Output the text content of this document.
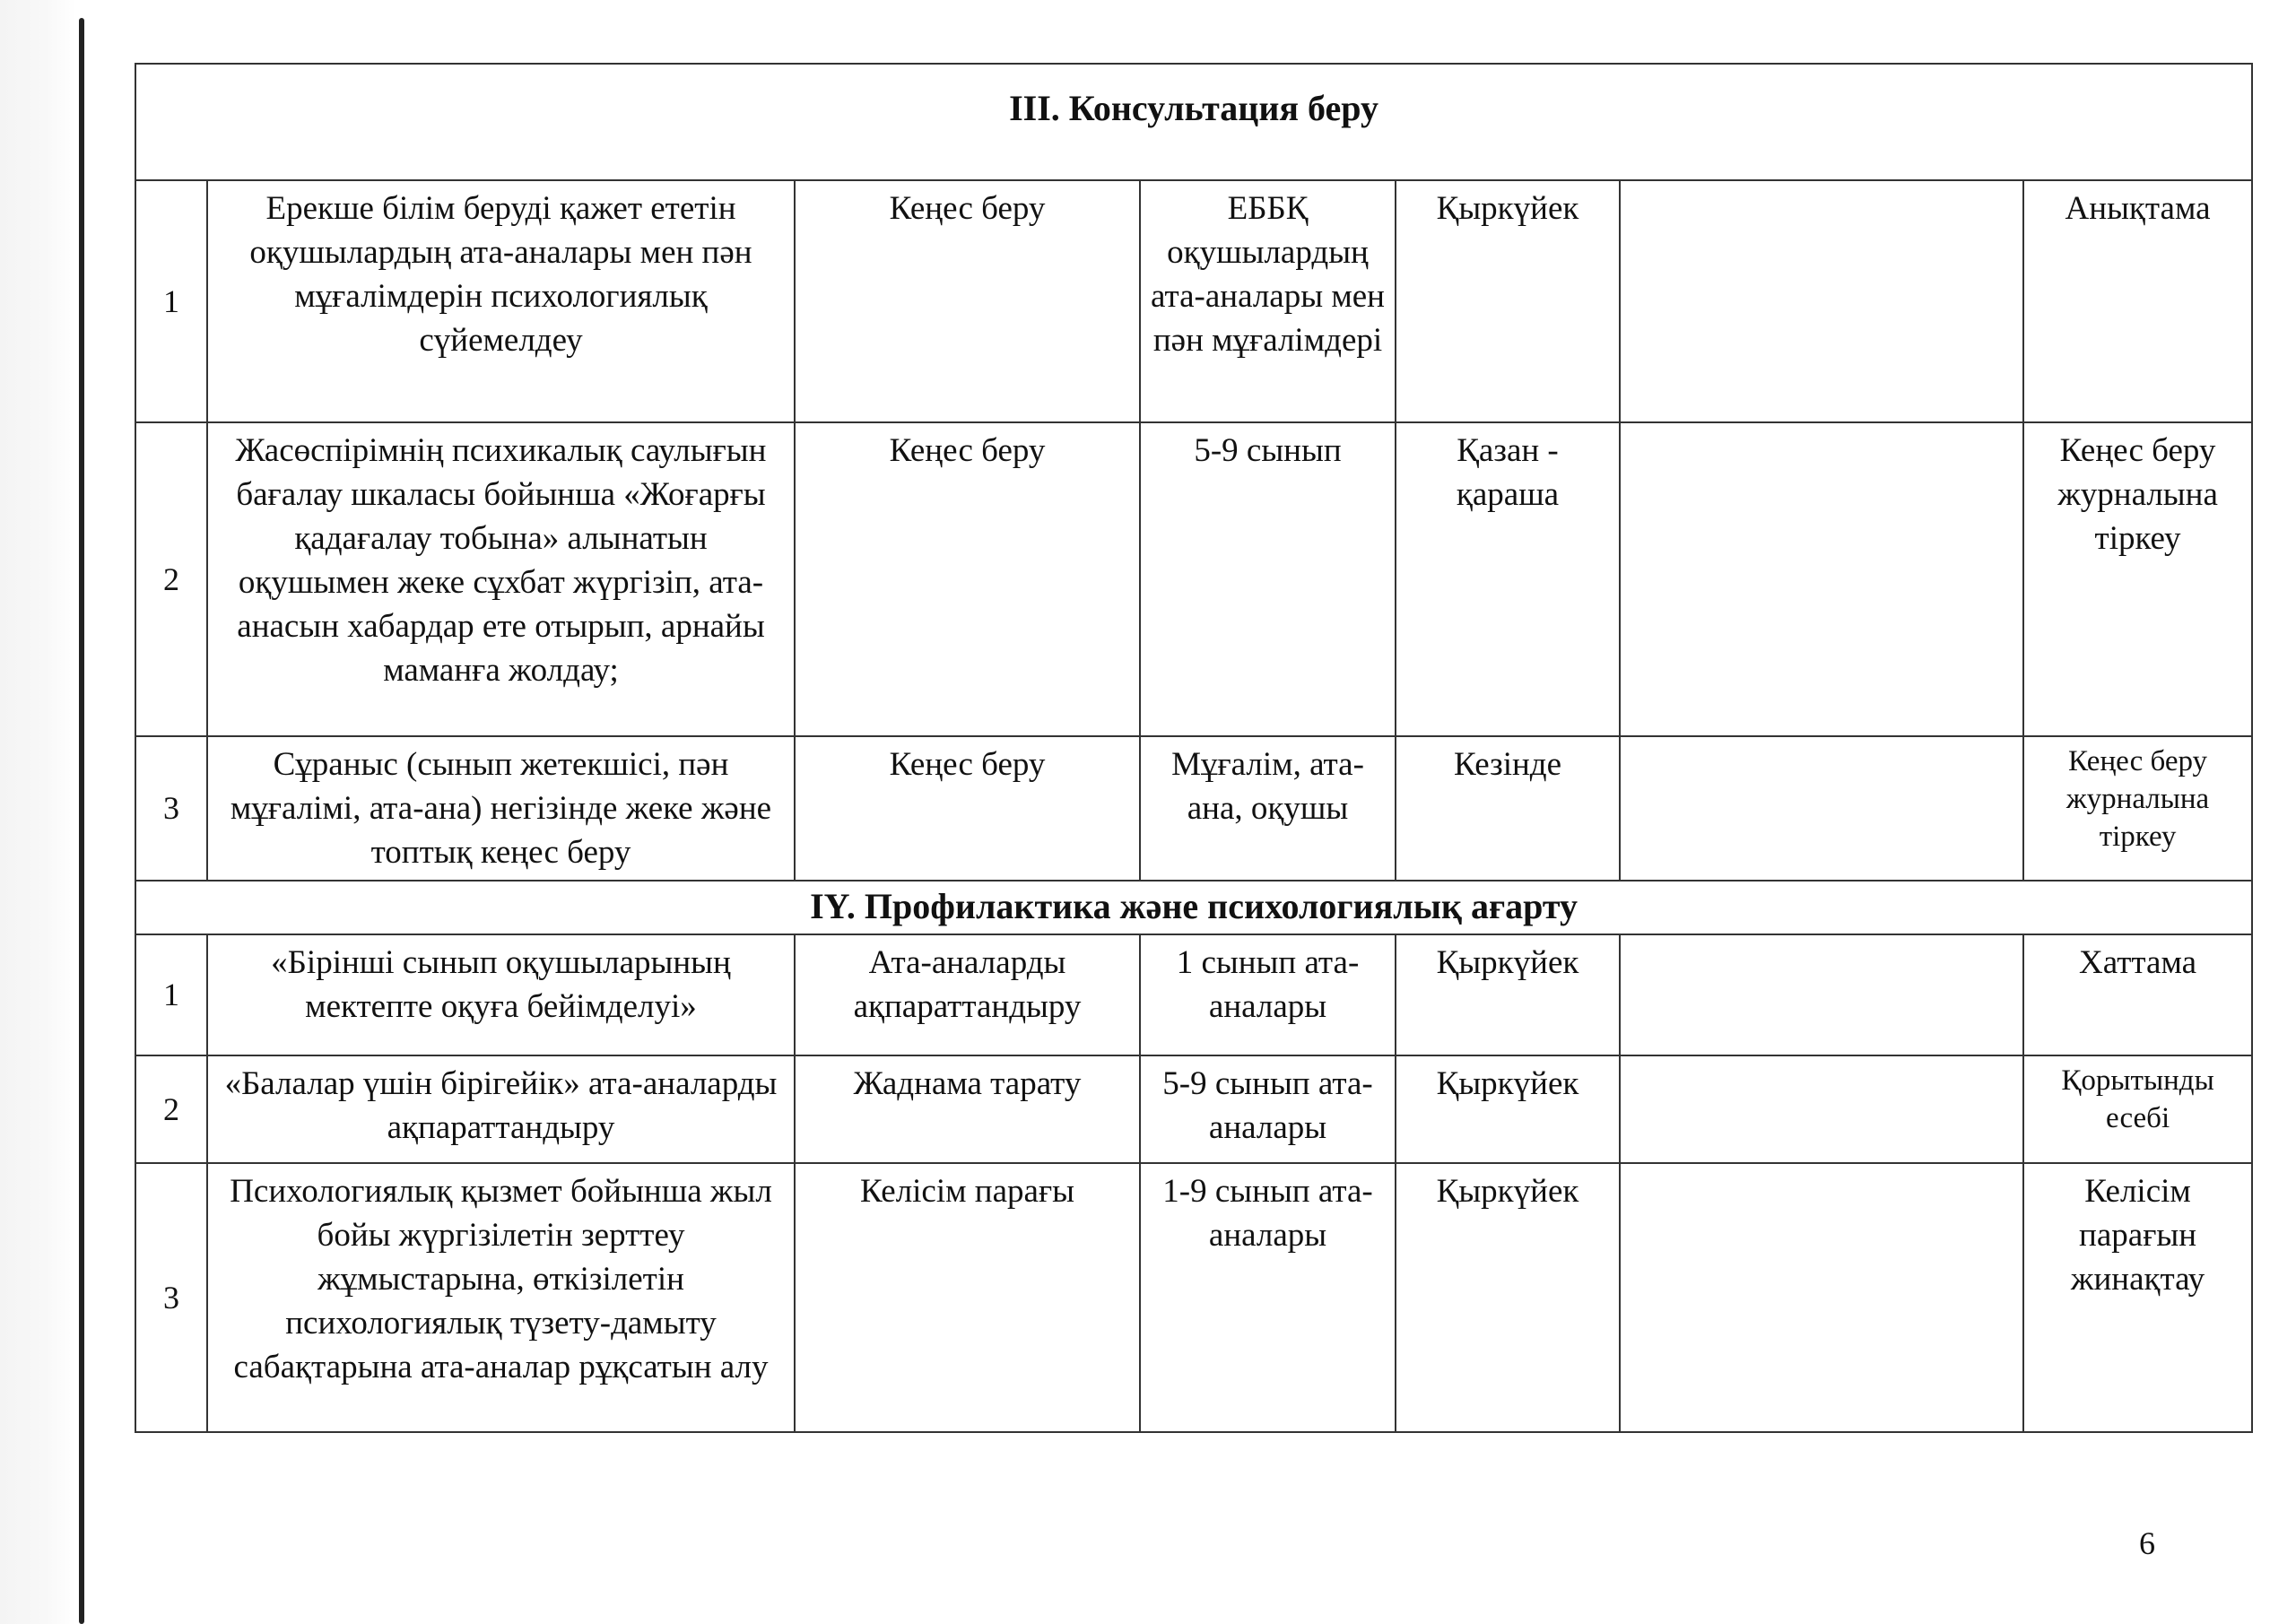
III. Консультация беру						
1	Ерекше білім беруді қажет ететін оқушылардың ата-аналары мен пән мұғалімдерін психологиялық сүйемелдеу	Кеңес беру	ЕББҚ оқушылардың ата-аналары мен пән мұғалімдері	Қыркүйек		Анықтама
2	Жасөспірімнің психикалық саулығын бағалау шкаласы бойынша «Жоғарғы қадағалау тобына» алынатын оқушымен жеке сұхбат жүргізіп, ата-анасын хабардар ете отырып, арнайы маманға жолдау;	Кеңес беру	5-9 сынып	Қазан - қараша		Кеңес беру журналына тіркеу
3	Сұраныс (сынып жетекшісі, пән мұғалімі, ата-ана) негізінде жеке және топтық кеңес беру	Кеңес беру	Мұғалім, ата-ана, оқушы	Кезінде		Кеңес беру журналына тіркеу
IY. Профилактика және психологиялық ағарту						
1	«Бірінші сынып оқушыларының мектепте оқуға бейімделуі»	Ата-аналарды ақпараттандыру	1 сынып ата-аналары	Қыркүйек		Хаттама
2	«Балалар үшін бірігейік» ата-аналарды ақпараттандыру	Жаднама тарату	5-9 сынып ата-аналары	Қыркүйек		Қорытынды есебі
3	Психологиялық қызмет бойынша жыл бойы жүргізілетін зерттеу жұмыстарына, өткізілетін психологиялық түзету-дамыту сабақтарына ата-аналар рұқсатын алу	Келісім парағы	1-9 сынып ата-аналары	Қыркүйек		Келісім парағын жинақтау
6
